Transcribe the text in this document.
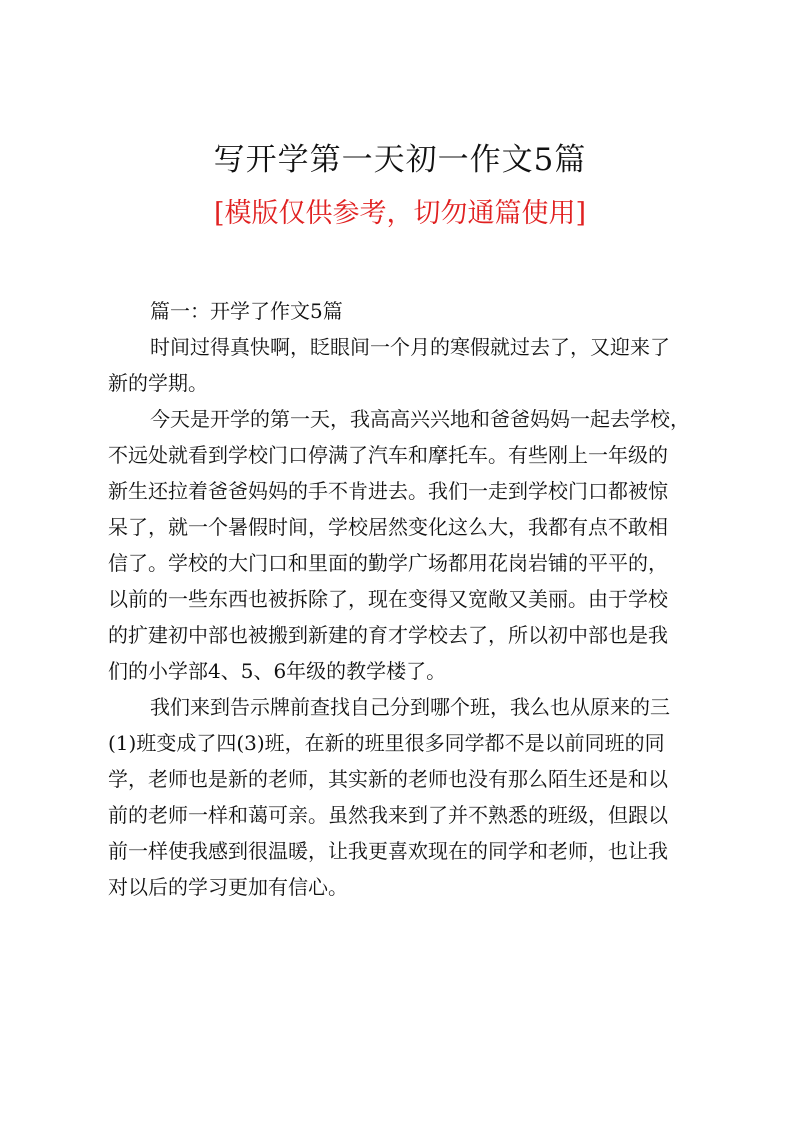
写开学第一天初一作文5篇
[模版仅供参考，切勿通篇使用]
篇一：开学了作文5篇
时间过得真快啊，眨眼间一个月的寒假就过去了，又迎来了
新的学期。
今天是开学的第一天，我高高兴兴地和爸爸妈妈一起去学校，
不远处就看到学校门口停满了汽车和摩托车。有些刚上一年级的
新生还拉着爸爸妈妈的手不肯进去。我们一走到学校门口都被惊
呆了，就一个暑假时间，学校居然变化这么大，我都有点不敢相
信了。学校的大门口和里面的勤学广场都用花岗岩铺的平平的，
以前的一些东西也被拆除了，现在变得又宽敞又美丽。由于学校
的扩建初中部也被搬到新建的育才学校去了，所以初中部也是我
们的小学部4、5、6年级的教学楼了。
我们来到告示牌前查找自己分到哪个班，我么也从原来的三
(1)班变成了四(3)班，在新的班里很多同学都不是以前同班的同
学，老师也是新的老师，其实新的老师也没有那么陌生还是和以
前的老师一样和蔼可亲。虽然我来到了并不熟悉的班级，但跟以
前一样使我感到很温暖，让我更喜欢现在的同学和老师，也让我
对以后的学习更加有信心。
